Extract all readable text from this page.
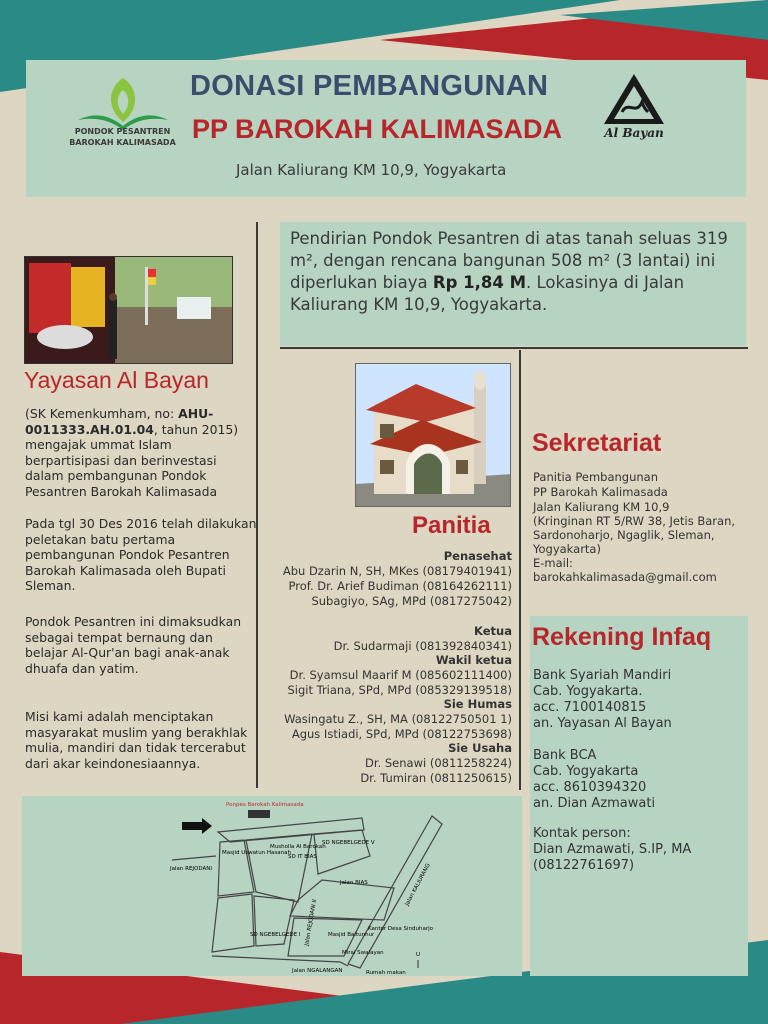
PONDOK PESANTREN
BAROKAH KALIMASADA
DONASI PEMBANGUNAN
PP BAROKAH KALIMASADA
Jalan Kaliurang KM 10,9, Yogyakarta
Al Bayan
Yayasan Al Bayan
(SK Kemenkumham, no: AHU-0011333.AH.01.04, tahun 2015) mengajak ummat Islam berpartisipasi dan berinvestasi dalam pembangunan Pondok Pesantren Barokah Kalimasada
Pada tgl 30 Des 2016 telah dilakukan peletakan batu pertama pembangunan Pondok Pesantren Barokah Kalimasada oleh Bupati Sleman.
Pondok Pesantren ini dimaksudkan sebagai tempat bernaung dan belajar Al-Qur'an bagi anak-anak dhuafa dan yatim.
Misi kami adalah menciptakan masyarakat muslim yang berakhlak mulia, mandiri dan tidak tercerabut dari akar keindonesiaannya.
Pendirian Pondok Pesantren di atas tanah seluas 319 m², dengan rencana bangunan 508 m² (3 lantai) ini diperlukan biaya Rp 1,84 M. Lokasinya di Jalan Kaliurang KM 10,9, Yogyakarta.
Panitia
Penasehat
Abu Dzarin N, SH, MKes (08179401941)
Prof. Dr. Arief Budiman (08164262111)
Subagiyo, SAg, MPd (0817275042)
Ketua
Dr. Sudarmaji (081392840341)
Wakil ketua
Dr. Syamsul Maarif M (085602111400)
Sigit Triana, SPd, MPd (085329139518)
Sie Humas
Wasingatu Z., SH, MA (08122750501 1)
Agus Istiadi, SPd, MPd (08122753698)
Sie Usaha
Dr. Senawi (0811258224)
Dr. Tumiran (0811250615)
Sekretariat
Panitia Pembangunan
PP Barokah Kalimasada
Jalan Kaliurang KM 10,9
(Kringinan RT 5/RW 38, Jetis Baran,
Sardonoharjo, Ngaglik, Sleman,
Yogyakarta)
E-mail:
barokahkalimasada@gmail.com
Rekening Infaq
Bank Syariah Mandiri
Cab. Yogyakarta.
acc. 7100140815
an. Yayasan Al Bayan
Bank BCA
Cab. Yogyakarta
acc. 8610394320
an. Dian Azmawati
Kontak person:
Dian Azmawati, S.IP, MA
(08122761697)
Ponpes Barokah Kalimasada
Jalan REJODANI
Musholla Al Barokah
SD IT BIAS
SD NGEBELGEDE V
Masjid Uswatun Hasanah
Jalan BIAS	Jalan KALIURANG
Jalan REJODANI II
SD NGEBELGEDE I	Masjid Baitunnur
Mirai Swalayan
Kantor Desa Sinduharjo
Jalan NGALANGAN	Rumah makan
U
